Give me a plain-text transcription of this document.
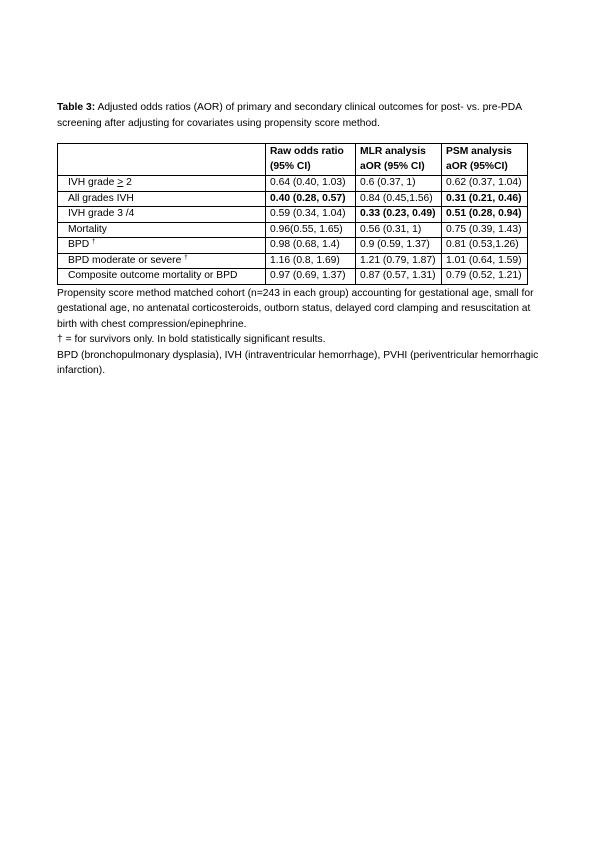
Table 3: Adjusted odds ratios (AOR) of primary and secondary clinical outcomes for post- vs. pre-PDA screening after adjusting for covariates using propensity score method.

	Raw odds ratio (95% CI)	MLR analysis aOR (95% CI)	PSM analysis aOR (95%CI)
IVH grade > 2	0.64 (0.40, 1.03)	0.6 (0.37, 1)	0.62 (0.37, 1.04)
All grades IVH	0.40 (0.28, 0.57)	0.84 (0.45,1.56)	0.31 (0.21, 0.46)
IVH grade 3 /4	0.59 (0.34, 1.04)	0.33 (0.23, 0.49)	0.51 (0.28, 0.94)
Mortality	0.96(0.55, 1.65)	0.56 (0.31, 1)	0.75 (0.39, 1.43)
BPD †	0.98 (0.68, 1.4)	0.9 (0.59, 1.37)	0.81 (0.53,1.26)
BPD moderate or severe †	1.16 (0.8, 1.69)	1.21 (0.79, 1.87)	1.01 (0.64, 1.59)
Composite outcome mortality or BPD	0.97 (0.69, 1.37)	0.87 (0.57, 1.31)	0.79 (0.52, 1.21)

Propensity score method matched cohort (n=243 in each group) accounting for gestational age, small for gestational age, no antenatal corticosteroids, outborn status, delayed cord clamping and resuscitation at birth with chest compression/epinephrine.

† = for survivors only. In bold statistically significant results.

BPD (bronchopulmonary dysplasia), IVH (intraventricular hemorrhage), PVHI (periventricular hemorrhagic infarction).
